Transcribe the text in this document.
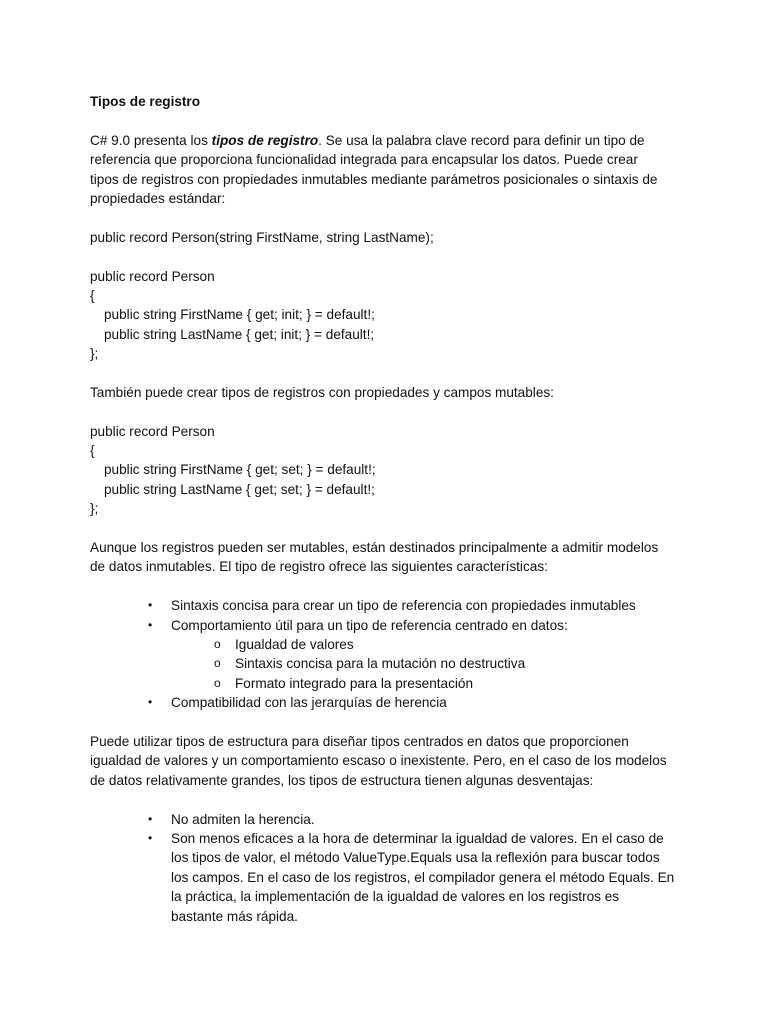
Tipos de registro
C# 9.0 presenta los tipos de registro. Se usa la palabra clave record para definir un tipo de
referencia que proporciona funcionalidad integrada para encapsular los datos. Puede crear
tipos de registros con propiedades inmutables mediante parámetros posicionales o sintaxis de
propiedades estándar:
public record Person(string FirstName, string LastName);
public record Person
{
public string FirstName { get; init; } = default!;
public string LastName { get; init; } = default!;
};
También puede crear tipos de registros con propiedades y campos mutables:
public record Person
{
public string FirstName { get; set; } = default!;
public string LastName { get; set; } = default!;
};
Aunque los registros pueden ser mutables, están destinados principalmente a admitir modelos
de datos inmutables. El tipo de registro ofrece las siguientes características:
• Sintaxis concisa para crear un tipo de referencia con propiedades inmutables
• Comportamiento útil para un tipo de referencia centrado en datos:
o Igualdad de valores
o Sintaxis concisa para la mutación no destructiva
o Formato integrado para la presentación
• Compatibilidad con las jerarquías de herencia
Puede utilizar tipos de estructura para diseñar tipos centrados en datos que proporcionen
igualdad de valores y un comportamiento escaso o inexistente. Pero, en el caso de los modelos
de datos relativamente grandes, los tipos de estructura tienen algunas desventajas:
• No admiten la herencia.
• Son menos eficaces a la hora de determinar la igualdad de valores. En el caso de
los tipos de valor, el método ValueType.Equals usa la reflexión para buscar todos
los campos. En el caso de los registros, el compilador genera el método Equals. En
la práctica, la implementación de la igualdad de valores en los registros es
bastante más rápida.
